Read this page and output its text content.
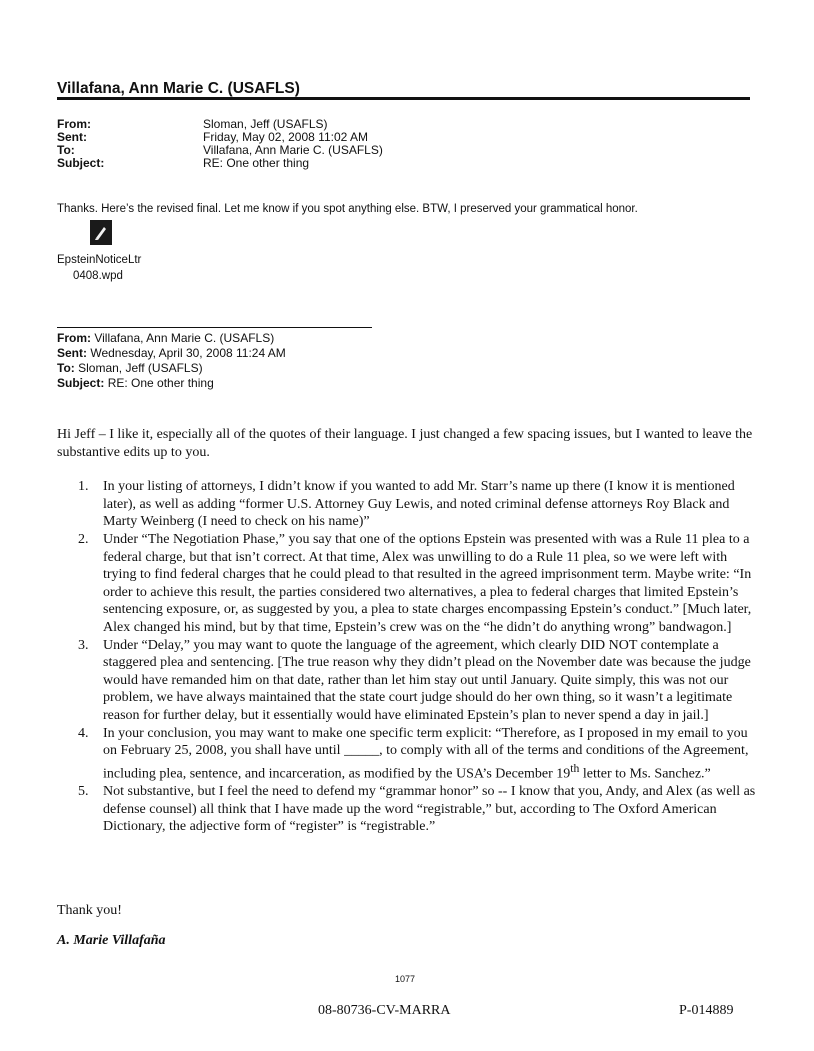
Villafana, Ann Marie C. (USAFLS)
From:	Sloman, Jeff (USAFLS)
Sent:	Friday, May 02, 2008 11:02 AM
To:	Villafana, Ann Marie C. (USAFLS)
Subject:	RE: One other thing
Thanks. Here’s the revised final. Let me know if you spot anything else. BTW, I preserved your grammatical honor.
EpsteinNoticeLtr
0408.wpd
From: Villafana, Ann Marie C. (USAFLS)
Sent: Wednesday, April 30, 2008 11:24 AM
To: Sloman, Jeff (USAFLS)
Subject: RE: One other thing

Hi Jeff – I like it, especially all of the quotes of their language. I just changed a few spacing issues, but I wanted to leave the substantive edits up to you.

1. In your listing of attorneys, I didn’t know if you wanted to add Mr. Starr’s name up there (I know it is mentioned later), as well as adding “former U.S. Attorney Guy Lewis, and noted criminal defense attorneys Roy Black and Marty Weinberg (I need to check on his name)”
2. Under “The Negotiation Phase,” you say that one of the options Epstein was presented with was a Rule 11 plea to a federal charge, but that isn’t correct. At that time, Alex was unwilling to do a Rule 11 plea, so we were left with trying to find federal charges that he could plead to that resulted in the agreed imprisonment term. Maybe write: “In order to achieve this result, the parties considered two alternatives, a plea to federal charges that limited Epstein’s sentencing exposure, or, as suggested by you, a plea to state charges encompassing Epstein’s conduct.” [Much later, Alex changed his mind, but by that time, Epstein’s crew was on the “he didn’t do anything wrong” bandwagon.]
3. Under “Delay,” you may want to quote the language of the agreement, which clearly DID NOT contemplate a staggered plea and sentencing. [The true reason why they didn’t plead on the November date was because the judge would have remanded him on that date, rather than let him stay out until January. Quite simply, this was not our problem, we have always maintained that the state court judge should do her own thing, so it wasn’t a legitimate reason for further delay, but it essentially would have eliminated Epstein’s plan to never spend a day in jail.]
4. In your conclusion, you may want to make one specific term explicit: “Therefore, as I proposed in my email to you on February 25, 2008, you shall have until _____, to comply with all of the terms and conditions of the Agreement, including plea, sentence, and incarceration, as modified by the USA’s December 19th letter to Ms. Sanchez.”
5. Not substantive, but I feel the need to defend my “grammar honor” so -- I know that you, Andy, and Alex (as well as defense counsel) all think that I have made up the word “registrable,” but, according to The Oxford American Dictionary, the adjective form of “register” is “registrable.”
Thank you!
A. Marie Villafaña
1077
08-80736-CV-MARRA	P-014889
